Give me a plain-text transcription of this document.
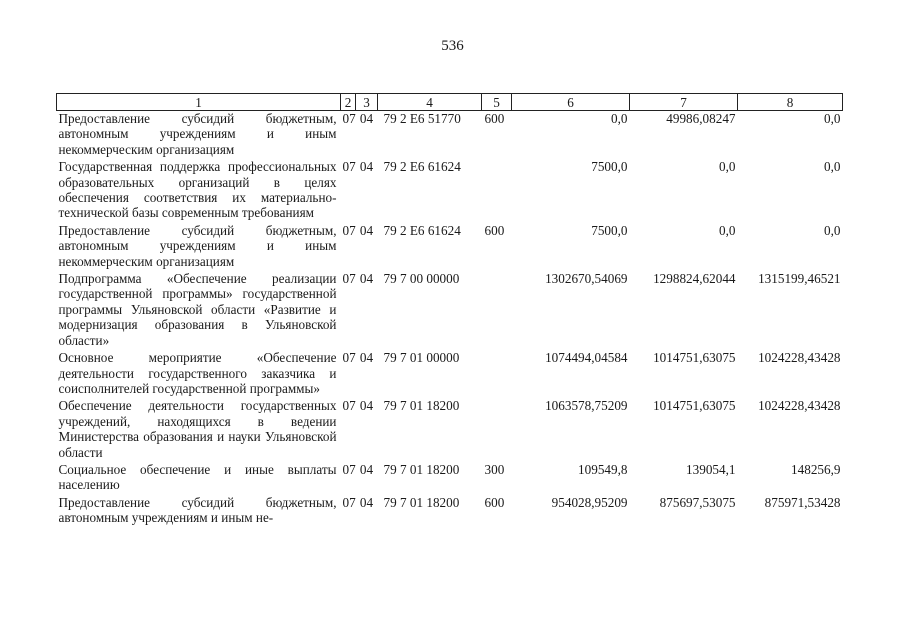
536
1	2	3	4	5	6	7	8
Предоставление субсидий бюджетным, автономным учреждениям и иным некоммерческим организациям	07	04	79 2 Е6 51770	600	0,0	49986,08247	0,0
Государственная поддержка профессиональных образовательных организаций в целях обеспечения соответствия их материально-технической базы современным требованиям	07	04	79 2 Е6 61624		7500,0	0,0	0,0
Предоставление субсидий бюджетным, автономным учреждениям и иным некоммерческим организациям	07	04	79 2 Е6 61624	600	7500,0	0,0	0,0
Подпрограмма «Обеспечение реализации государственной программы» государственной программы Ульяновской области «Развитие и модернизация образования в Ульяновской области»	07	04	79 7 00 00000		1302670,54069	1298824,62044	1315199,46521
Основное мероприятие «Обеспечение деятельности государственного заказчика и соисполнителей государственной программы»	07	04	79 7 01 00000		1074494,04584	1014751,63075	1024228,43428
Обеспечение деятельности государственных учреждений, находящихся в ведении Министерства образования и науки Ульяновской области	07	04	79 7 01 18200		1063578,75209	1014751,63075	1024228,43428
Социальное обеспечение и иные выплаты населению	07	04	79 7 01 18200	300	109549,8	139054,1	148256,9
Предоставление субсидий бюджетным, автономным учреждениям и иным не-	07	04	79 7 01 18200	600	954028,95209	875697,53075	875971,53428
